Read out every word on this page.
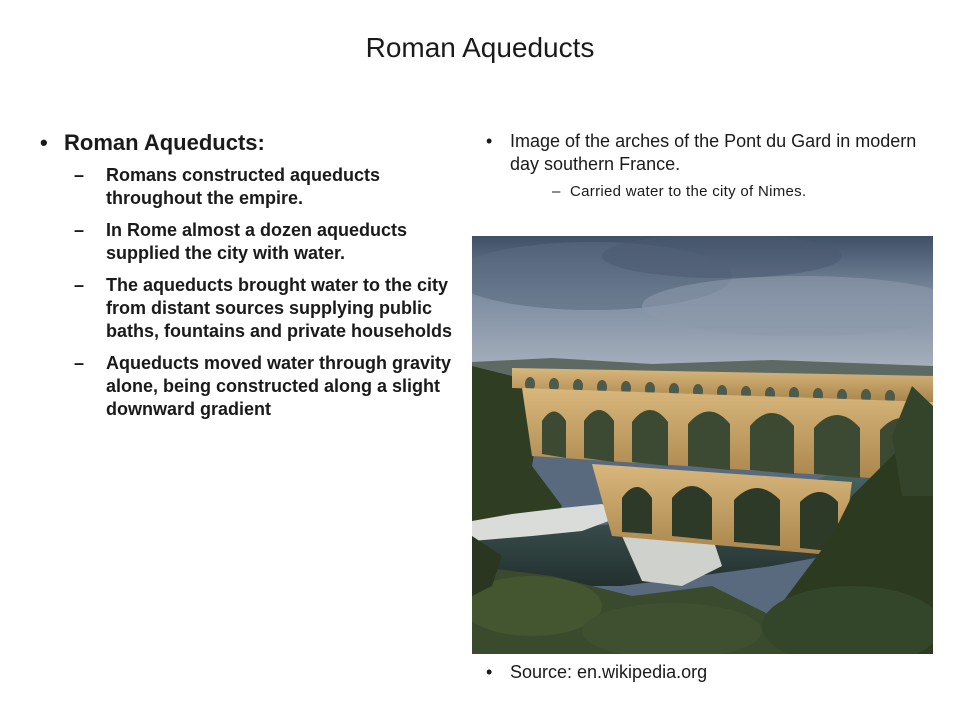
Roman Aqueducts
• Roman Aqueducts:
– Romans constructed aqueducts throughout the empire.
– In Rome almost a dozen aqueducts supplied the city with water.
– The aqueducts brought water to the city from distant sources supplying public baths, fountains and private households
– Aqueducts moved water through gravity alone, being constructed along a slight downward gradient
• Image of the arches of the Pont du Gard in modern day southern France.
– Carried water to the city of Nimes.
• Source: en.wikipedia.org
